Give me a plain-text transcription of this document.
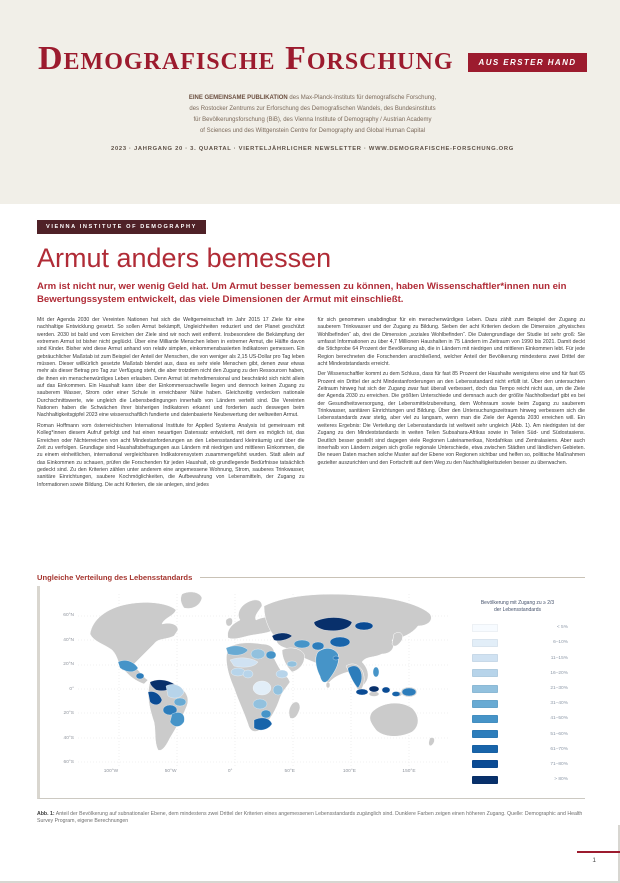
Demografische Forschung	AUS ERSTER HAND
EINE GEMEINSAME PUBLIKATION des Max-Planck-Instituts für demografische Forschung,
des Rostocker Zentrums zur Erforschung des Demografischen Wandels, des Bundesinstituts
für Bevölkerungsforschung (BiB), des Vienna Institute of Demography / Austrian Academy
of Sciences und des Wittgenstein Centre for Demography and Global Human Capital
2023 · JAHRGANG 20 · 3. QUARTAL · VIERTELJÄHRLICHER NEWSLETTER · WWW.DEMOGRAFISCHE-FORSCHUNG.ORG
VIENNA INSTITUTE OF DEMOGRAPHY
Armut anders bemessen
Arm ist nicht nur, wer wenig Geld hat. Um Armut besser bemessen zu können, haben Wissenschaftler*innen nun ein Bewertungssystem entwickelt, das viele Dimensionen der Armut mit einschließt.

Mit der Agenda 2030 der Vereinten Nationen hat sich die Weltgemeinschaft im Jahr 2015 17 Ziele für eine nachhaltige Entwicklung gesetzt. So sollen Armut bekämpft, Ungleichheiten reduziert und der Planet geschützt werden. 2030 ist bald und vom Erreichen der Ziele sind wir noch weit entfernt. Insbesondere die Bekämpfung der extremen Armut ist bisher nicht geglückt. Über eine Milliarde Menschen leben in extremer Armut, die Hälfte davon sind Kinder. Bisher wird diese Armut anhand von relativ simplen, einkommensbasierten Indikatoren gemessen. Ein gebräuchlicher Maßstab ist zum Beispiel der Anteil der Menschen, die von weniger als 2,15 US-Dollar pro Tag leben müssen. Dieser willkürlich gesetzte Maßstab blendet aus, dass es sehr viele Menschen gibt, denen zwar etwas mehr als dieser Betrag pro Tag zur Verfügung steht, die aber trotzdem nicht den Zugang zu den Ressourcen haben, die ihnen ein menschenwürdiges Leben erlauben. Denn Armut ist mehrdimensional und beschränkt sich nicht allein auf das Einkommen. Ein Haushalt kann über der Einkommensschwelle liegen und dennoch keinen Zugang zu sauberem Wasser, Strom oder einer Schule in erreichbarer Nähe haben. Gleichzeitig verdecken nationale Durchschnittswerte, wie ungleich die Lebensbedingungen innerhalb von Ländern verteilt sind. Die Vereinten Nationen haben die Schwächen ihrer bisherigen Indikatoren erkannt und forderten auch deswegen beim Nachhaltigkeitsgipfel 2023 eine wissenschaftlich fundierte und datenbasierte Neubewertung der weltweiten Armut.

Roman Hoffmann vom österreichischen International Institute for Applied Systems Analysis ist gemeinsam mit Kolleg*innen diesem Aufruf gefolgt und hat einen neuartigen Datensatz entwickelt, mit dem es möglich ist, das Erreichen oder Nichterreichen von acht Mindestanforderungen an den Lebensstandard kleinräumig und über die Zeit zu verfolgen. Grundlage sind Haushaltsbefragungen aus Ländern mit niedrigen und mittleren Einkommen, die zu einem einheitlichen, international vergleichbaren Indikatorensystem zusammengeführt wurden. Statt allein auf das Einkommen zu schauen, prüfen die Forschenden für jeden Haushalt, ob grundlegende Bedürfnisse tatsächlich gedeckt sind. Zu den Kriterien zählen unter anderem eine angemessene Wohnung, Strom, sauberes Trinkwasser, sanitäre Einrichtungen, saubere Kochmöglichkeiten, die Aufbewahrung von Lebensmitteln, der Zugang zu Informationen sowie Bildung. Die acht Kriterien, die sie anlegen, sind jedes

für sich genommen unabdingbar für ein menschenwürdiges Leben. Dazu zählt zum Beispiel der Zugang zu sauberem Trinkwasser und der Zugang zu Bildung. Sieben der acht Kriterien decken die Dimension „physisches Wohlbefinden“ ab, drei die Dimension „soziales Wohlbefinden“. Die Datengrundlage der Studie ist sehr groß: Sie umfasst Informationen zu über 4,7 Millionen Haushalten in 75 Ländern im Zeitraum von 1990 bis 2021. Damit deckt die Stichprobe 64 Prozent der Bevölkerung ab, die in Ländern mit niedrigen und mittleren Einkommen lebt. Für jede Region berechneten die Forschenden anschließend, welcher Anteil der Bevölkerung mindestens zwei Drittel der acht Mindeststandards erreicht.

Der Wissenschaftler kommt zu dem Schluss, dass für fast 85 Prozent der Haushalte wenigstens eine und für fast 65 Prozent ein Drittel der acht Mindestanforderungen an den Lebensstandard nicht erfüllt ist. Über den untersuchten Zeitraum hinweg hat sich der Zugang zwar fast überall verbessert, doch das Tempo reicht nicht aus, um die Ziele der Agenda 2030 zu erreichen. Die größten Unterschiede und demnach auch der größte Nachholbedarf gibt es bei der Gesundheitsversorgung, der Lebensmittelzubereitung, dem Wohnraum sowie beim Zugang zu sauberem Trinkwasser, sanitären Einrichtungen und Bildung. Über den Untersuchungszeitraum hinweg verbessern sich die Lebensstandards zwar stetig, aber viel zu langsam, wenn man die Ziele der Agenda 2030 erreichen will. Ein weiteres Ergebnis: Die Verteilung der Lebensstandards ist weltweit sehr ungleich (Abb. 1). Am niedrigsten ist der Zugang zu den Mindeststandards in weiten Teilen Subsahara-Afrikas sowie in Teilen Süd- und Südostasiens. Deutlich besser gestellt sind dagegen viele Regionen Lateinamerikas, Nordafrikas und Zentralasiens. Aber auch innerhalb von Ländern zeigen sich große regionale Unterschiede, etwa zwischen Städten und ländlichen Gebieten. Die neuen Daten machen solche Muster auf der Ebene von Regionen sichtbar und helfen so, politische Maßnahmen gezielter auszurichten und den Fortschritt auf dem Weg zu den Nachhaltigkeitszielen besser zu überwachen.

Ungleiche Verteilung des Lebensstandards
60°N
40°N
20°N
0°
20°S
40°S
60°S
100°W	50°W	0°	50°E	100°E	150°E
Bevölkerung mit Zugang zu ≥ 2/3
der Lebensstandards
< 5%
6–10%
11–15%
16–20%
21–30%
31–40%
41–50%
51–60%
61–70%
71–80%
> 80%
Abb. 1: Anteil der Bevölkerung auf subnationaler Ebene, dem mindestens zwei Drittel der Kriterien eines angemessenen Lebensstandards zugänglich sind. Dunklere Farben zeigen einen höheren Zugang. Quelle: Demographic and Health Survey Program, eigene Berechnungen
1
